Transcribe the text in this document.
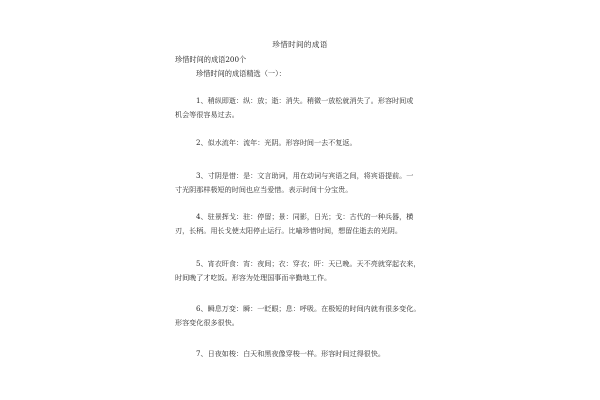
珍惜时间的成语
珍惜时间的成语200个
珍惜时间的成语精选（一）：
1、稍纵即逝：纵：放；逝：消失。稍微一放松就消失了。形容时间或
机会等很容易过去。
2、似水流年：流年：光阴。形容时间一去不复返。
3、寸阴是惜：是：文言助词，用在动词与宾语之间，将宾语提前。一
寸光阴那样极短的时间也应当爱惜。表示时间十分宝贵。
4、驻景挥戈：驻：停留；景：同影，日光；戈：古代的一种兵器，横
刃，长柄。用长戈使太阳停止运行。比喻珍惜时间，想留住逝去的光阴。
5、宵衣旰食：宵：夜间；衣：穿衣；旰：天已晚。天不亮就穿起衣来，
时间晚了才吃饭。形容为处理国事而辛勤地工作。
6、瞬息万变：瞬：一眨眼；息：呼吸。在极短的时间内就有很多变化。
形容变化很多很快。
7、日夜如梭：白天和黑夜像穿梭一样。形容时间过得很快。
